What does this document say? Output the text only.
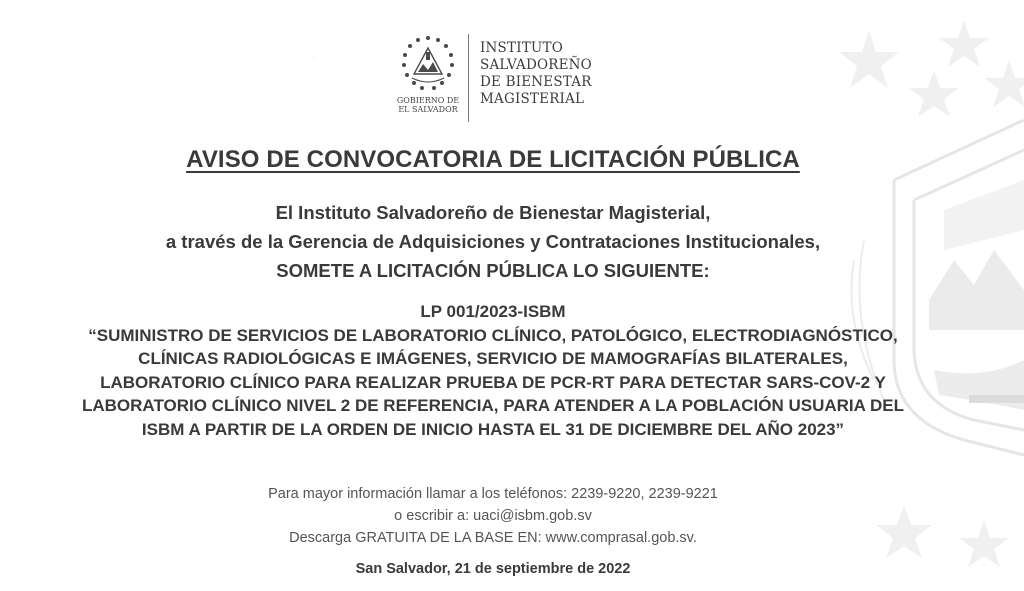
·
GOBIERNO DE
EL SALVADOR
INSTITUTO
SALVADOREÑO
DE BIENESTAR
MAGISTERIAL
AVISO DE CONVOCATORIA DE LICITACIÓN PÚBLICA
El Instituto Salvadoreño de Bienestar Magisterial,
a través de la Gerencia de Adquisiciones y Contrataciones Institucionales,
SOMETE A LICITACIÓN PÚBLICA LO SIGUIENTE:
LP 001/2023-ISBM
“SUMINISTRO DE SERVICIOS DE LABORATORIO CLÍNICO, PATOLÓGICO, ELECTRODIAGNÓSTICO,
CLÍNICAS RADIOLÓGICAS E IMÁGENES, SERVICIO DE MAMOGRAFÍAS BILATERALES,
LABORATORIO CLÍNICO PARA REALIZAR PRUEBA DE PCR-RT PARA DETECTAR SARS-COV-2 Y
LABORATORIO CLÍNICO NIVEL 2 DE REFERENCIA, PARA ATENDER A LA POBLACIÓN USUARIA DEL
ISBM A PARTIR DE LA ORDEN DE INICIO HASTA EL 31 DE DICIEMBRE DEL AÑO 2023”
Para mayor información llamar a los teléfonos: 2239-9220, 2239-9221
o escribir a: uaci@isbm.gob.sv
Descarga GRATUITA DE LA BASE EN: www.comprasal.gob.sv.
San Salvador, 21 de septiembre de 2022
